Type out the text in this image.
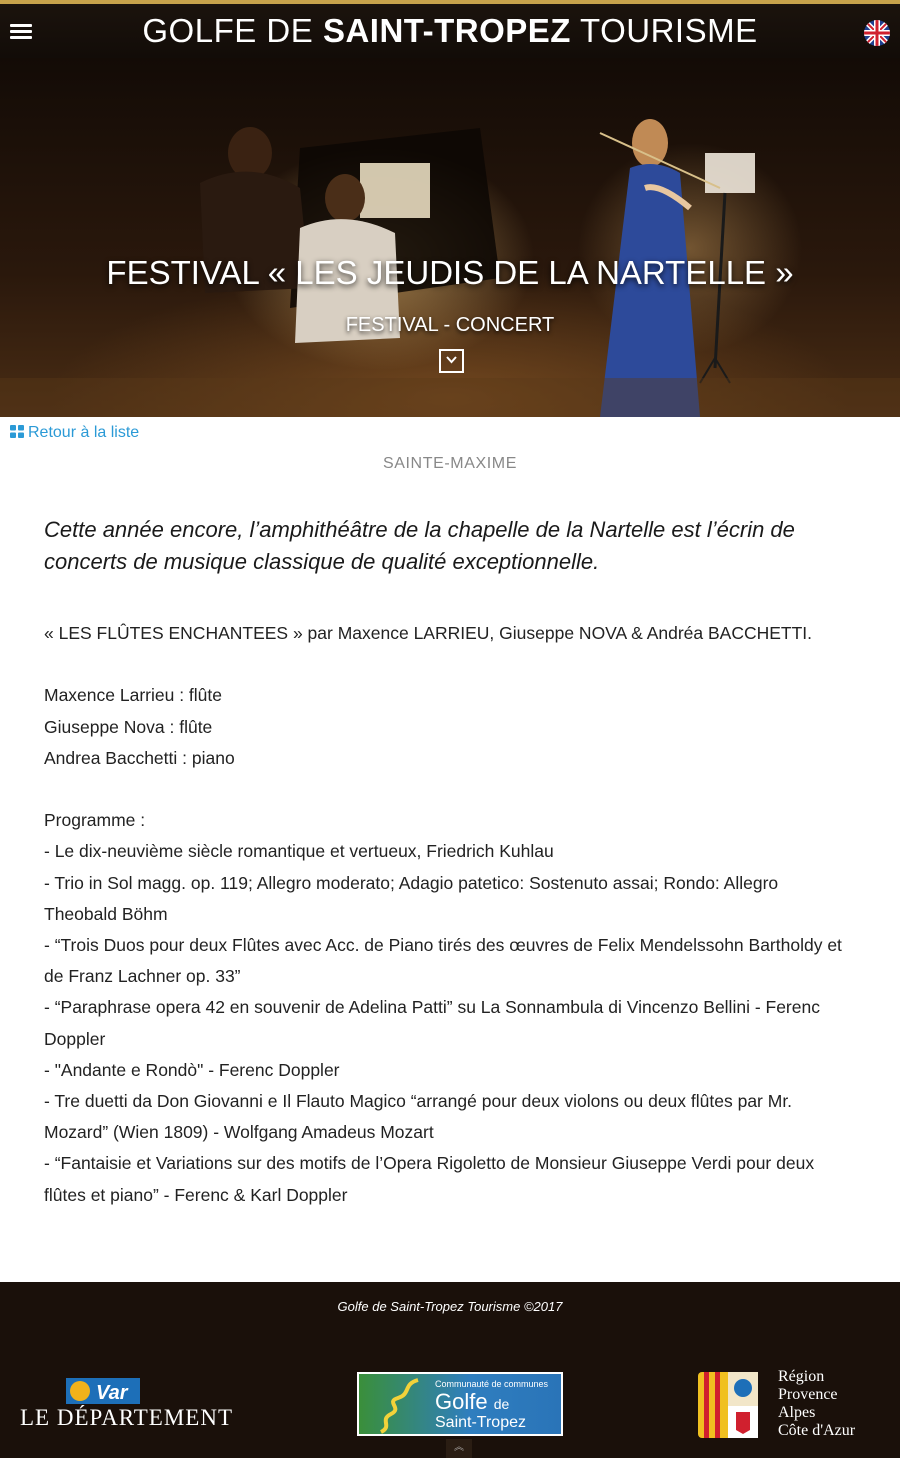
GOLFE DE SAINT-TROPEZ TOURISME
FESTIVAL « LES JEUDIS DE LA NARTELLE »
FESTIVAL - CONCERT
Retour à la liste
SAINTE-MAXIME
Cette année encore, l’amphithéâtre de la chapelle de la Nartelle est l’écrin de concerts de musique classique de qualité exceptionnelle.

« LES FLÛTES ENCHANTEES » par Maxence LARRIEU, Giuseppe NOVA & Andréa BACCHETTI.

Maxence Larrieu : flûte

Giuseppe Nova : flûte

Andrea Bacchetti : piano

Programme :

- Le dix-neuvième siècle romantique et vertueux, Friedrich Kuhlau

- Trio in Sol magg. op. 119; Allegro moderato; Adagio patetico: Sostenuto assai; Rondo: Allegro Theobald Böhm

- “Trois Duos pour deux Flûtes avec Acc. de Piano tirés des œuvres de Felix Mendelssohn Bartholdy et de Franz Lachner op. 33”

- “Paraphrase opera 42 en souvenir de Adelina Patti” su La Sonnambula di Vincenzo Bellini - Ferenc Doppler

- "Andante e Rondò" - Ferenc Doppler

- Tre duetti da Don Giovanni e Il Flauto Magico “arrangé pour deux violons ou deux flûtes par Mr. Mozard” (Wien 1809) - Wolfgang Amadeus Mozart

- “Fantaisie et Variations sur des motifs de l’Opera Rigoletto de Monsieur Giuseppe Verdi pour deux flûtes et piano” - Ferenc & Karl Doppler

Golfe de Saint-Tropez Tourisme ©2017
Var
LE DÉPARTEMENT
Communauté de communes
Golfe de
Saint-Tropez
Région
Provence
Alpes
Côte d'Azur
︽
